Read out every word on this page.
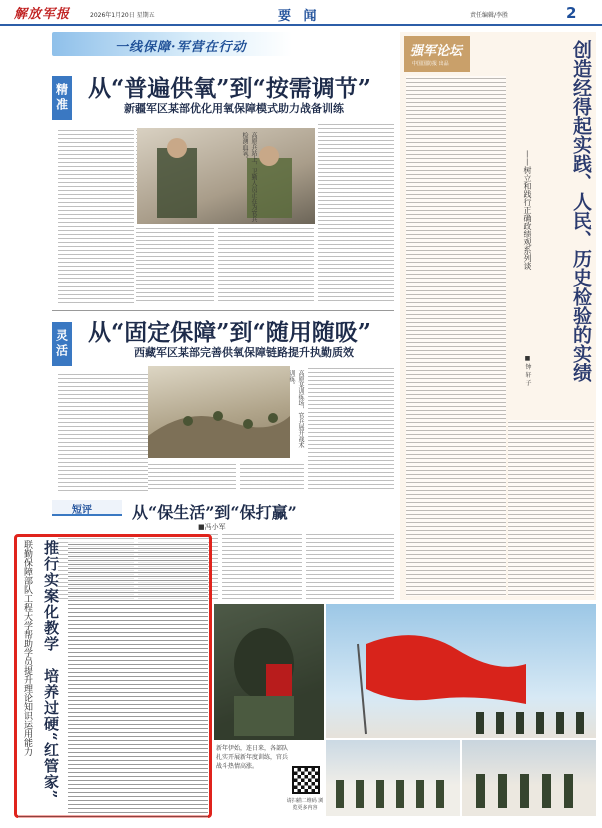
解放军报	2026年1月20日 星期五	要 闻	责任编辑/李胜	2
一线保障·军营在行动
精准 从“普遍供氧”到“按需调节”
新疆军区某部优化用氧保障模式助力战备训练
高原兵站上，卫勤人员正在为官兵检测血氧。
灵活 从“固定保障”到“随用随吸”
西藏军区某部完善供氧保障链路提升执勤质效
高原某训练场，官兵展开战术训练。
短评	从“保生活”到“保打赢”
■冯小军
强军论坛
中国国防报 出品	创造经得起实践、人民、历史检验的实绩
——树立和践行正确政绩观系列谈
■ 钟 轩 子
推行实案化教学　培养过硬“红管家”
联勤保障部队工程大学帮助学员提升理论知识运用能力	新年伊始，连日来，各部队扎实开展新年度训练，官兵战斗热情高涨。
请扫描二维码 浏览更多内容
